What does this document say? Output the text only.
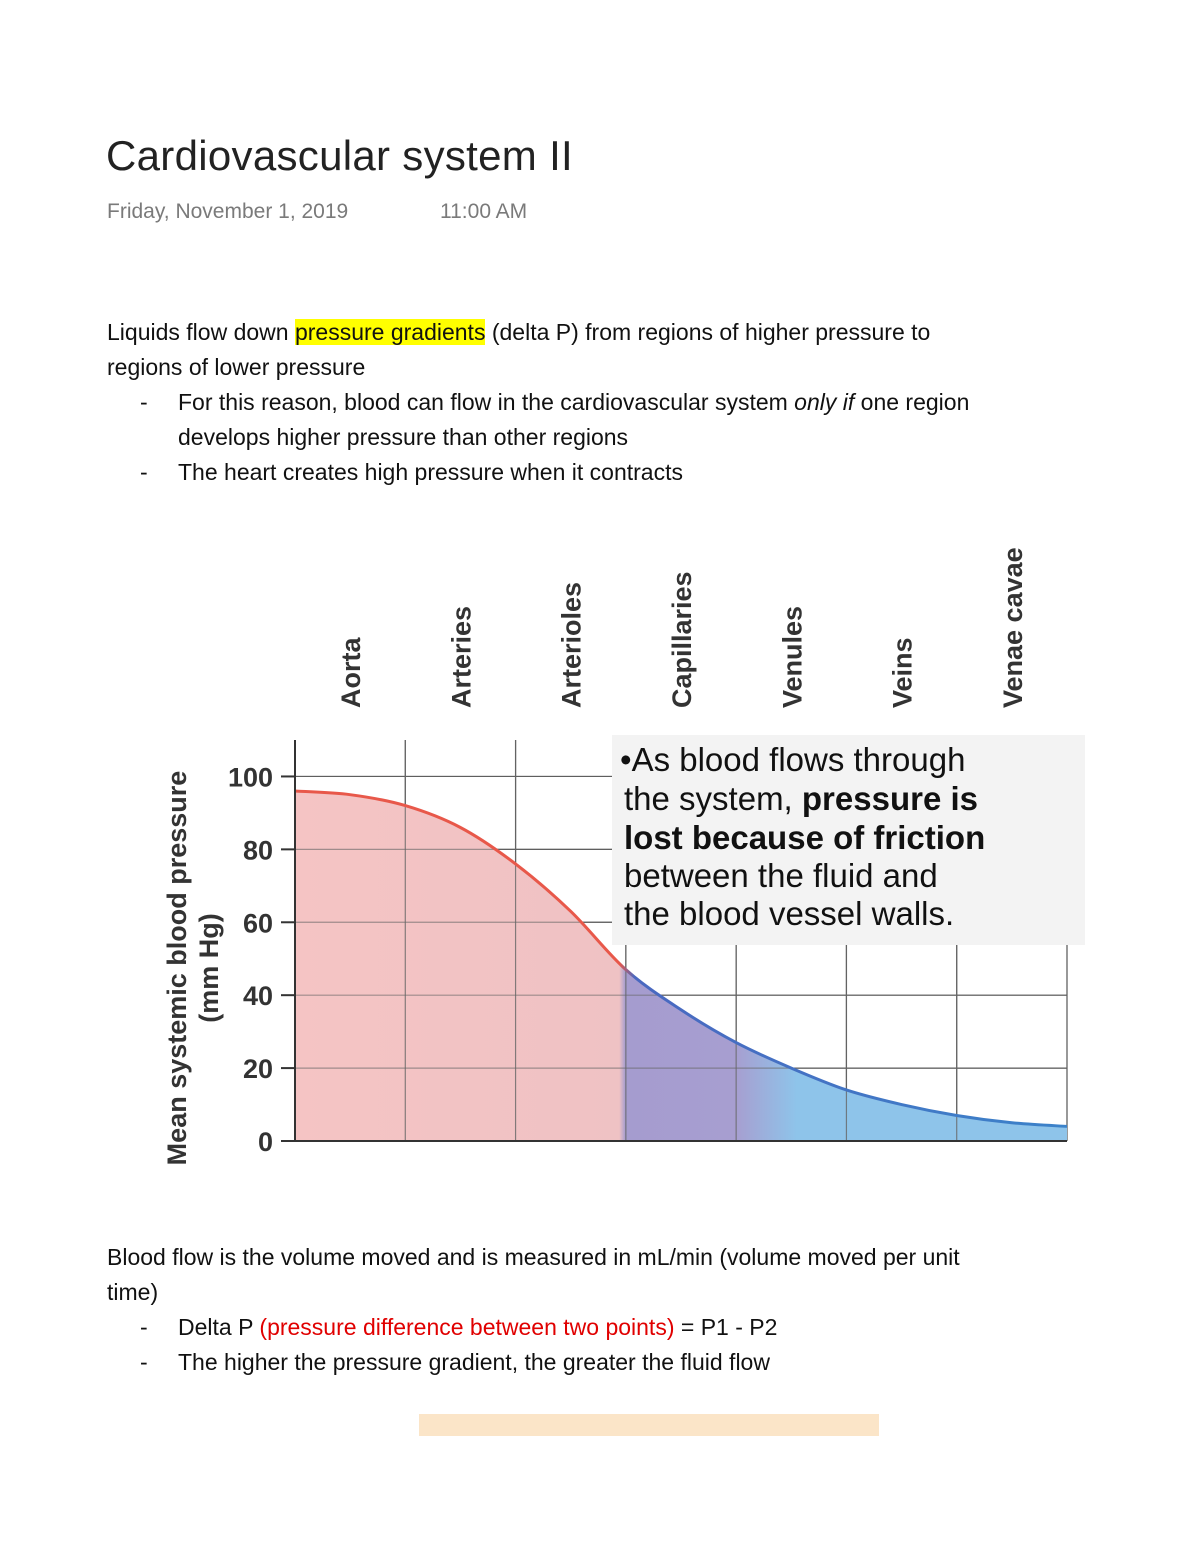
Cardiovascular system II
Friday, November 1, 2019	11:00 AM
Liquids flow down pressure gradients (delta P) from regions of higher pressure to
regions of lower pressure
- For this reason, blood can flow in the cardiovascular system only if one region
develops higher pressure than other regions
- The heart creates high pressure when it contracts
Aorta	Arteries	Arterioles	Capillaries	Venules	Veins	Venae cavae
0
20
40
60
80
100
Mean systemic blood pressure (mm Hg)
•As blood flows through
the system, pressure is
lost because of friction
between the fluid and
the blood vessel walls.
Blood flow is the volume moved and is measured in mL/min (volume moved per unit
time)
- Delta P (pressure difference between two points) = P1 - P2
- The higher the pressure gradient, the greater the fluid flow
